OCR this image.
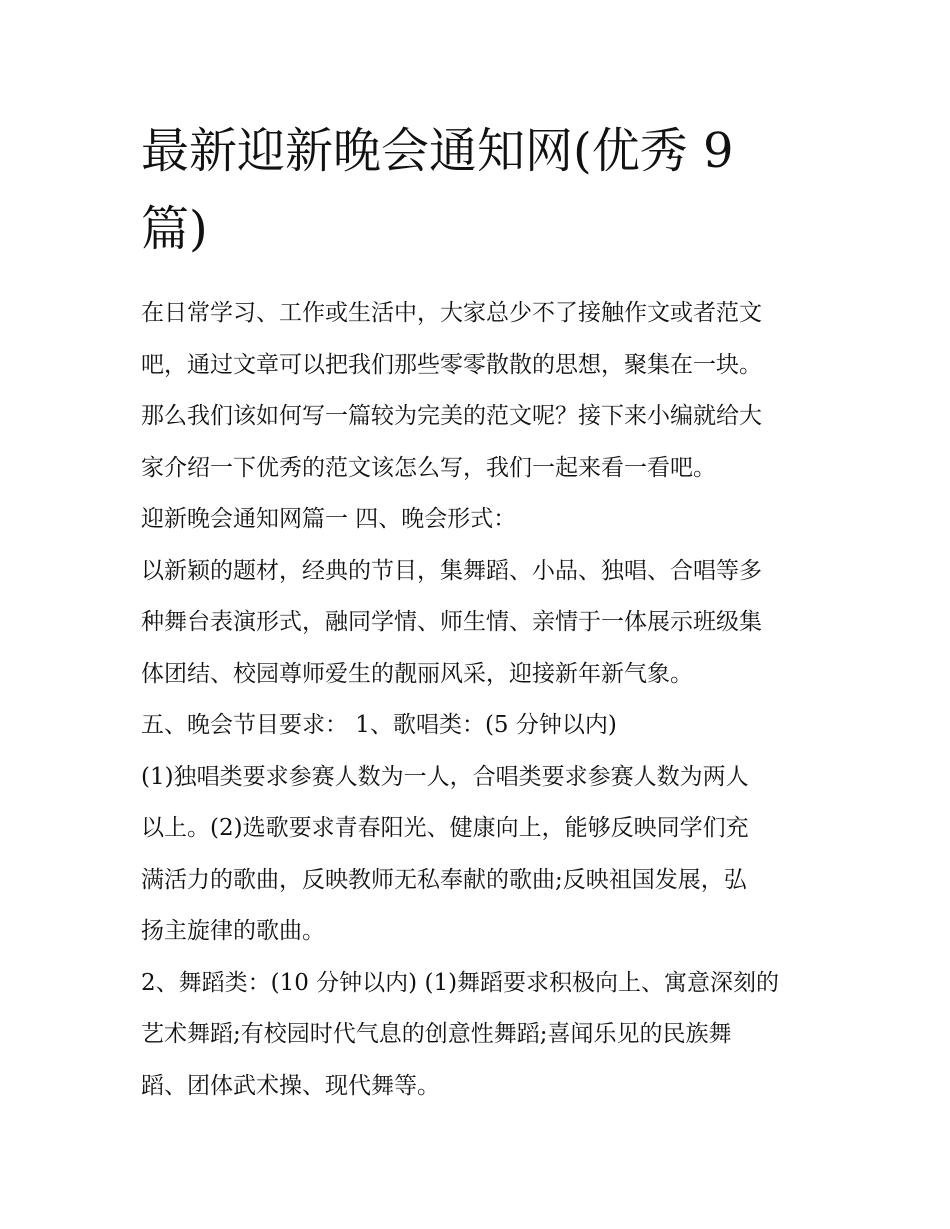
最新迎新晚会通知网(优秀 9
篇)
在日常学习、工作或生活中，大家总少不了接触作文或者范文
吧，通过文章可以把我们那些零零散散的思想，聚集在一块。
那么我们该如何写一篇较为完美的范文呢？接下来小编就给大
家介绍一下优秀的范文该怎么写，我们一起来看一看吧。
迎新晚会通知网篇一 四、晚会形式：
以新颖的题材，经典的节目，集舞蹈、小品、独唱、合唱等多
种舞台表演形式，融同学情、师生情、亲情于一体展示班级集
体团结、校园尊师爱生的靓丽风采，迎接新年新气象。
五、晚会节目要求： 1、歌唱类：(5 分钟以内)
(1)独唱类要求参赛人数为一人，合唱类要求参赛人数为两人
以上。(2)选歌要求青春阳光、健康向上，能够反映同学们充
满活力的歌曲，反映教师无私奉献的歌曲;反映祖国发展，弘
扬主旋律的歌曲。
2、舞蹈类：(10 分钟以内) (1)舞蹈要求积极向上、寓意深刻的
艺术舞蹈;有校园时代气息的创意性舞蹈;喜闻乐见的民族舞
蹈、团体武术操、现代舞等。
